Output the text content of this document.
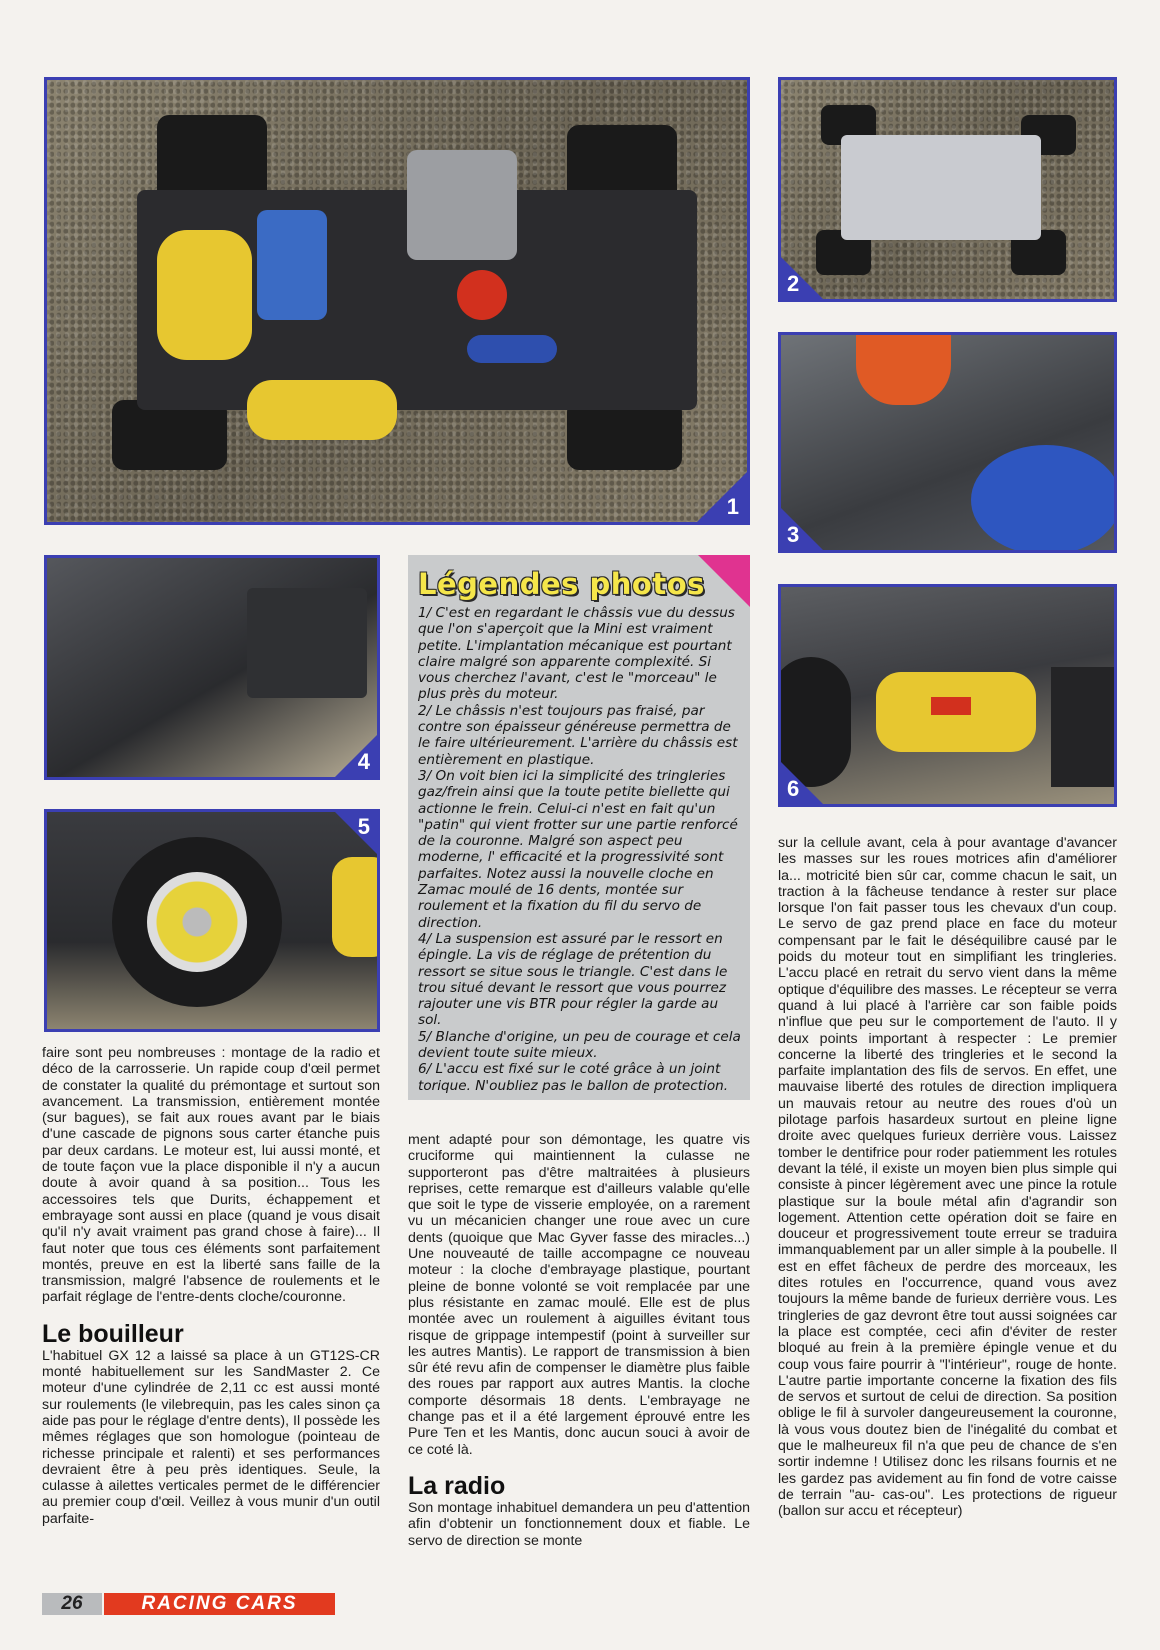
1
2
3
4
5
Légendes photos

1/ C'est en regardant le châssis vue du dessus que l'on s'aperçoit que la Mini est vraiment petite. L'implantation mécanique est pourtant claire malgré son apparente complexité. Si vous cherchez l'avant, c'est le "morceau" le plus près du moteur.

2/ Le châssis n'est toujours pas fraisé, par contre son épaisseur généreuse permettra de le faire ultérieurement. L'arrière du châssis est entièrement en plastique.

3/ On voit bien ici la simplicité des tringleries gaz/frein ainsi que la toute petite biellette qui actionne le frein. Celui-ci n'est en fait qu'un "patin" qui vient frotter sur une partie renforcé de la couronne. Malgré son aspect peu moderne, l' efficacité et la progressivité sont parfaites. Notez aussi la nouvelle cloche en Zamac moulé de 16 dents, montée sur roulement et la fixation du fil du servo de direction.

4/ La suspension est assuré par le ressort en épingle. La vis de réglage de prétention du ressort se situe sous le triangle. C'est dans le trou situé devant le ressort que vous pourrez rajouter une vis BTR pour régler la garde au sol.

5/ Blanche d'origine, un peu de courage et cela devient toute suite mieux.

6/ L'accu est fixé sur le coté grâce à un joint torique. N'oubliez pas le ballon de protection.

6

faire sont peu nombreuses : montage de la radio et déco de la carrosserie. Un rapide coup d'œil permet de constater la qualité du prémontage et surtout son avancement. La transmission, entièrement montée (sur bagues), se fait aux roues avant par le biais d'une cascade de pignons sous carter étanche puis par deux cardans. Le moteur est, lui aussi monté, et de toute façon vue la place disponible il n'y a aucun doute à avoir quand à sa position... Tous les accessoires tels que Durits, échappement et embrayage sont aussi en place (quand je vous disait qu'il n'y avait vraiment pas grand chose à faire)... Il faut noter que tous ces éléments sont parfaitement montés, preuve en est la liberté sans faille de la transmission, malgré l'absence de roulements et le parfait réglage de l'entre-dents cloche/couronne.

Le bouilleur

L'habituel GX 12 a laissé sa place à un GT12S-CR monté habituellement sur les SandMaster 2. Ce moteur d'une cylindrée de 2,11 cc est aussi monté sur roulements (le vilebrequin, pas les cales sinon ça aide pas pour le réglage d'entre dents), Il possède les mêmes réglages que son homologue (pointeau de richesse principale et ralenti) et ses performances devraient être à peu près identiques. Seule, la culasse à ailettes verticales permet de le différencier au premier coup d'œil. Veillez à vous munir d'un outil parfaite-

ment adapté pour son démontage, les quatre vis cruciforme qui maintiennent la culasse ne supporteront pas d'être maltraitées à plusieurs reprises, cette remarque est d'ailleurs valable qu'elle que soit le type de visserie employée, on a rarement vu un mécanicien changer une roue avec un cure dents (quoique que Mac Gyver fasse des miracles...) Une nouveauté de taille accompagne ce nouveau moteur : la cloche d'embrayage plastique, pourtant pleine de bonne volonté se voit remplacée par une plus résistante en zamac moulé. Elle est de plus montée avec un roulement à aiguilles évitant tous risque de grippage intempestif (point à surveiller sur les autres Mantis). Le rapport de transmission à bien sûr été revu afin de compenser le diamètre plus faible des roues par rapport aux autres Mantis. la cloche comporte désormais 18 dents. L'embrayage ne change pas et il a été largement éprouvé entre les Pure Ten et les Mantis, donc aucun souci à avoir de ce coté là.

La radio

Son montage inhabituel demandera un peu d'attention afin d'obtenir un fonctionnement doux et fiable. Le servo de direction se monte

sur la cellule avant, cela à pour avantage d'avancer les masses sur les roues motrices afin d'améliorer la... motricité bien sûr car, comme chacun le sait, un traction à la fâcheuse tendance à rester sur place lorsque l'on fait passer tous les chevaux d'un coup. Le servo de gaz prend place en face du moteur compensant par le fait le déséquilibre causé par le poids du moteur tout en simplifiant les tringleries. L'accu placé en retrait du servo vient dans la même optique d'équilibre des masses. Le récepteur se verra quand à lui placé à l'arrière car son faible poids n'influe que peu sur le comportement de l'auto. Il y deux points important à respecter : Le premier concerne la liberté des tringleries et le second la parfaite implantation des fils de servos. En effet, une mauvaise liberté des rotules de direction impliquera un mauvais retour au neutre des roues d'où un pilotage parfois hasardeux surtout en pleine ligne droite avec quelques furieux derrière vous. Laissez tomber le dentifrice pour roder patiemment les rotules devant la télé, il existe un moyen bien plus simple qui consiste à pincer légèrement avec une pince la rotule plastique sur la boule métal afin d'agrandir son logement. Attention cette opération doit se faire en douceur et progressivement toute erreur se traduira immanquablement par un aller simple à la poubelle. Il est en effet fâcheux de perdre des morceaux, les dites rotules en l'occurrence, quand vous avez toujours la même bande de furieux derrière vous. Les tringleries de gaz devront être tout aussi soignées car la place est comptée, ceci afin d'éviter de rester bloqué au frein à la première épingle venue et du coup vous faire pourrir à "l'intérieur", rouge de honte. L'autre partie importante concerne la fixation des fils de servos et surtout de celui de direction. Sa position oblige le fil à survoler dangeureusement la couronne, là vous vous doutez bien de l'inégalité du combat et que le malheureux fil n'a que peu de chance de s'en sortir indemne ! Utilisez donc les rilsans fournis et ne les gardez pas avidement au fin fond de votre caisse de terrain "au- cas-ou". Les protections de rigueur (ballon sur accu et récepteur)

26	RACING CARS
